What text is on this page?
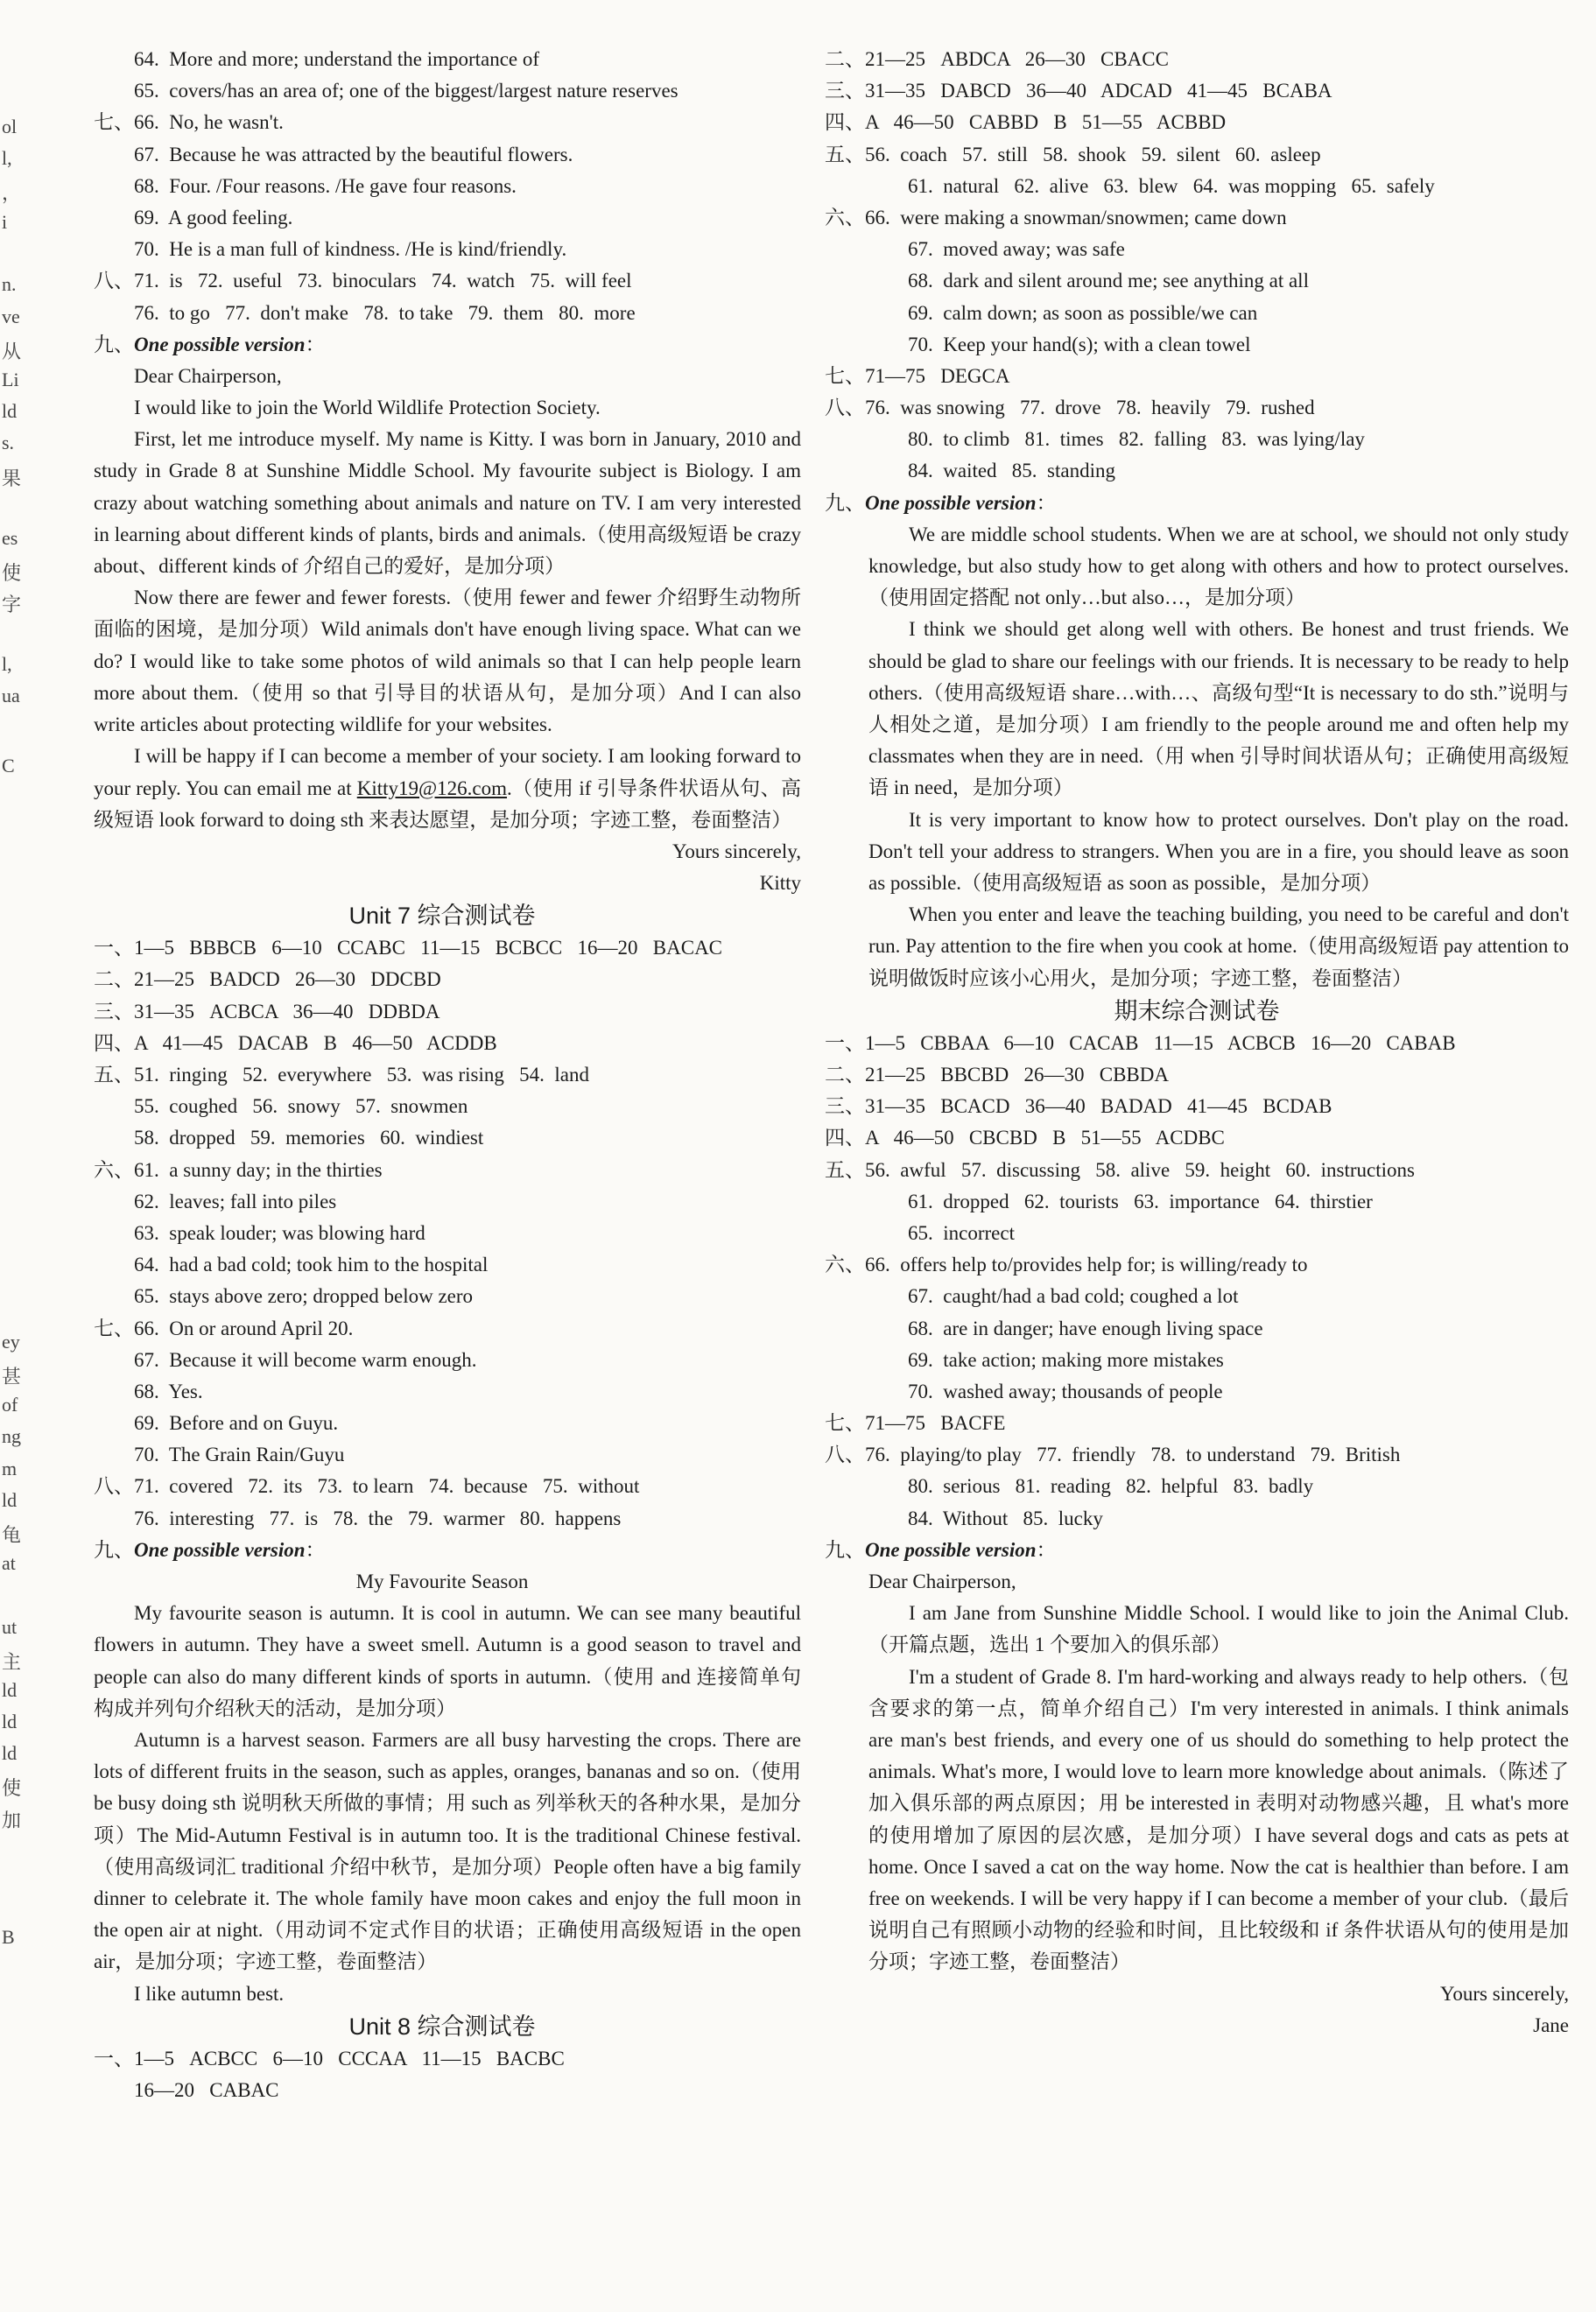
ol
l,
，
i
n.
ve
从
Li
ld
s.
果
es
使
字
l,
ua
C
ey
甚
of
ng
m
ld
龟
at
ut
主
ld
ld
ld
使
加
B
64.  More and more; understand the importance of
65.  covers/has an area of; one of the biggest/largest nature reserves
七、66.  No, he wasn't.
67.  Because he was attracted by the beautiful flowers.
68.  Four. /Four reasons. /He gave four reasons.
69.  A good feeling.
70.  He is a man full of kindness. /He is kind/friendly.
八、71.  is   72.  useful   73.  binoculars   74.  watch   75.  will feel
76.  to go   77.  don't make   78.  to take   79.  them   80.  more
九、One possible version：
Dear Chairperson,

I would like to join the World Wildlife Protection Society.

First, let me introduce myself. My name is Kitty. I was born in January, 2010 and study in Grade 8 at Sunshine Middle School. My favourite subject is Biology. I am crazy about watching something about animals and nature on TV. I am very interested in learning about different kinds of plants, birds and animals.（使用高级短语 be crazy about、different kinds of 介绍自己的爱好，是加分项）

Now there are fewer and fewer forests.（使用 fewer and fewer 介绍野生动物所面临的困境，是加分项）Wild animals don't have enough living space. What can we do? I would like to take some photos of wild animals so that I can help people learn more about them.（使用 so that 引导目的状语从句，是加分项）And I can also write articles about protecting wildlife for your websites.

I will be happy if I can become a member of your society. I am looking forward to your reply. You can email me at Kitty19@126.com.（使用 if 引导条件状语从句、高级短语 look forward to doing sth 来表达愿望，是加分项；字迹工整，卷面整洁）

Yours sincerely,
Kitty
Unit 7 综合测试卷
一、1—5   BBBCB   6—10   CCABC   11—15   BCBCC   16—20   BACAC
二、21—25   BADCD   26—30   DDCBD
三、31—35   ACBCA   36—40   DDBDA
四、A   41—45   DACAB   B   46—50   ACDDB
五、51.  ringing   52.  everywhere   53.  was rising   54.  land
55.  coughed   56.  snowy   57.  snowmen
58.  dropped   59.  memories   60.  windiest
六、61.  a sunny day; in the thirties
62.  leaves; fall into piles
63.  speak louder; was blowing hard
64.  had a bad cold; took him to the hospital
65.  stays above zero; dropped below zero
七、66.  On or around April 20.
67.  Because it will become warm enough.
68.  Yes.
69.  Before and on Guyu.
70.  The Grain Rain/Guyu
八、71.  covered   72.  its   73.  to learn   74.  because   75.  without
76.  interesting   77.  is   78.  the   79.  warmer   80.  happens
九、One possible version：
My Favourite Season

My favourite season is autumn. It is cool in autumn. We can see many beautiful flowers in autumn. They have a sweet smell. Autumn is a good season to travel and people can also do many different kinds of sports in autumn.（使用 and 连接简单句构成并列句介绍秋天的活动，是加分项）

Autumn is a harvest season. Farmers are all busy harvesting the crops. There are lots of different fruits in the season, such as apples, oranges, bananas and so on.（使用 be busy doing sth 说明秋天所做的事情；用 such as 列举秋天的各种水果，是加分项）The Mid-Autumn Festival is in autumn too. It is the traditional Chinese festival.（使用高级词汇 traditional 介绍中秋节，是加分项）People often have a big family dinner to celebrate it. The whole family have moon cakes and enjoy the full moon in the open air at night.（用动词不定式作目的状语；正确使用高级短语 in the open air，是加分项；字迹工整，卷面整洁）

I like autumn best.

Unit 8 综合测试卷
一、1—5   ACBCC   6—10   CCCAA   11—15   BACBC
16—20   CABAC
二、21—25   ABDCA   26—30   CBACC
三、31—35   DABCD   36—40   ADCAD   41—45   BCABA
四、A   46—50   CABBD   B   51—55   ACBBD
五、56.  coach   57.  still   58.  shook   59.  silent   60.  asleep
61.  natural   62.  alive   63.  blew   64.  was mopping   65.  safely
六、66.  were making a snowman/snowmen; came down
67.  moved away; was safe
68.  dark and silent around me; see anything at all
69.  calm down; as soon as possible/we can
70.  Keep your hand(s); with a clean towel
七、71—75   DEGCA
八、76.  was snowing   77.  drove   78.  heavily   79.  rushed
80.  to climb   81.  times   82.  falling   83.  was lying/lay
84.  waited   85.  standing
九、One possible version：

We are middle school students. When we are at school, we should not only study knowledge, but also study how to get along with others and how to protect ourselves.（使用固定搭配 not only…but also…，是加分项）

I think we should get along well with others. Be honest and trust friends. We should be glad to share our feelings with our friends. It is necessary to be ready to help others.（使用高级短语 share…with…、高级句型“It is necessary to do sth.”说明与人相处之道，是加分项）I am friendly to the people around me and often help my classmates when they are in need.（用 when 引导时间状语从句；正确使用高级短语 in need，是加分项）

It is very important to know how to protect ourselves. Don't play on the road. Don't tell your address to strangers. When you are in a fire, you should leave as soon as possible.（使用高级短语 as soon as possible，是加分项）

When you enter and leave the teaching building, you need to be careful and don't run. Pay attention to the fire when you cook at home.（使用高级短语 pay attention to 说明做饭时应该小心用火，是加分项；字迹工整，卷面整洁）

期末综合测试卷
一、1—5   CBBAA   6—10   CACAB   11—15   ACBCB   16—20   CABAB
二、21—25   BBCBD   26—30   CBBDA
三、31—35   BCACD   36—40   BADAD   41—45   BCDAB
四、A   46—50   CBCBD   B   51—55   ACDBC
五、56.  awful   57.  discussing   58.  alive   59.  height   60.  instructions
61.  dropped   62.  tourists   63.  importance   64.  thirstier
65.  incorrect
六、66.  offers help to/provides help for; is willing/ready to
67.  caught/had a bad cold; coughed a lot
68.  are in danger; have enough living space
69.  take action; making more mistakes
70.  washed away; thousands of people
七、71—75   BACFE
八、76.  playing/to play   77.  friendly   78.  to understand   79.  British
80.  serious   81.  reading   82.  helpful   83.  badly
84.  Without   85.  lucky
九、One possible version：
Dear Chairperson,

I am Jane from Sunshine Middle School. I would like to join the Animal Club.（开篇点题，选出 1 个要加入的俱乐部）

I'm a student of Grade 8. I'm hard-working and always ready to help others.（包含要求的第一点，简单介绍自己）I'm very interested in animals. I think animals are man's best friends, and every one of us should do something to help protect the animals. What's more, I would love to learn more knowledge about animals.（陈述了加入俱乐部的两点原因；用 be interested in 表明对动物感兴趣，且 what's more 的使用增加了原因的层次感，是加分项）I have several dogs and cats as pets at home. Once I saved a cat on the way home. Now the cat is healthier than before. I am free on weekends. I will be very happy if I can become a member of your club.（最后说明自己有照顾小动物的经验和时间，且比较级和 if 条件状语从句的使用是加分项；字迹工整，卷面整洁）

Yours sincerely,
Jane
